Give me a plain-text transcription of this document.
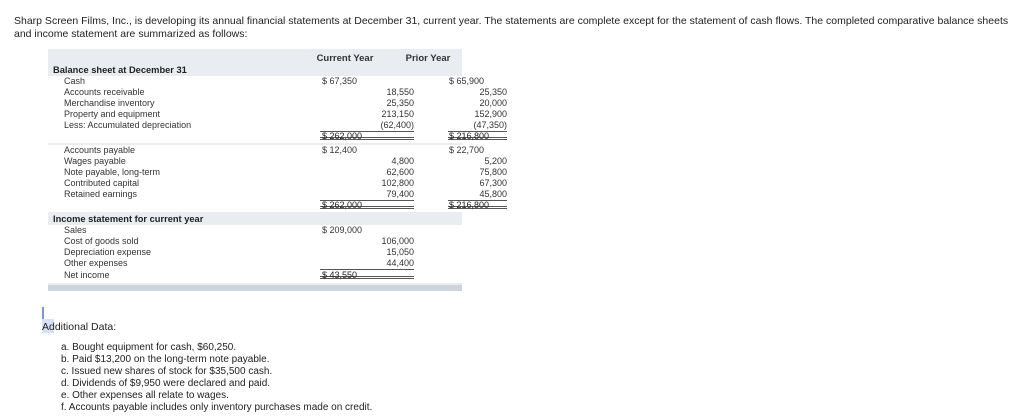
Sharp Screen Films, Inc., is developing its annual financial statements at December 31, current year. The statements are complete except for the statement of cash flows. The completed comparative balance sheets
and income statement are summarized as follows:
Current Year	Prior Year
Balance sheet at December 31
Cash	$ 67,350	$ 65,900
Accounts receivable	18,550	25,350
Merchandise inventory	25,350	20,000
Property and equipment	213,150	152,900
Less: Accumulated depreciation	(62,400)	(47,350)
$ 262,000	$ 216,800
Accounts payable	$ 12,400	$ 22,700
Wages payable	4,800	5,200
Note payable, long-term	62,600	75,800
Contributed capital	102,800	67,300
Retained earnings	79,400	45,800
$ 262,000	$ 216,800
Income statement for current year
Sales	$ 209,000
Cost of goods sold	106,000
Depreciation expense	15,050
Other expenses	44,400
Net income	$ 43,550
Additional Data:
a. Bought equipment for cash, $60,250.
b. Paid $13,200 on the long-term note payable.
c. Issued new shares of stock for $35,500 cash.
d. Dividends of $9,950 were declared and paid.
e. Other expenses all relate to wages.
f. Accounts payable includes only inventory purchases made on credit.
